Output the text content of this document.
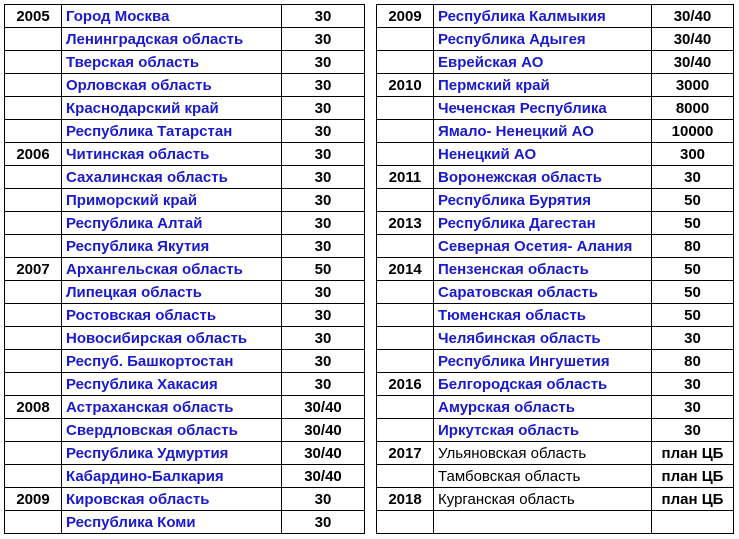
2005	Город Москва	30
	Ленинградская область	30
	Тверская область	30
	Орловская область	30
	Краснодарский край	30
	Республика Татарстан	30
2006	Читинская область	30
	Сахалинская область	30
	Приморский край	30
	Республика Алтай	30
	Республика Якутия	30
2007	Архангельская область	50
	Липецкая область	30
	Ростовская область	30
	Новосибирская область	30
	Респуб. Башкортостан	30
	Республика Хакасия	30
2008	Астраханская область	30/40
	Свердловская область	30/40
	Республика Удмуртия	30/40
	Кабардино-Балкария	30/40
2009	Кировская область	30
	Республика Коми	30
2009	Республика Калмыкия	30/40
	Республика Адыгея	30/40
	Еврейская АО	30/40
2010	Пермский край	3000
	Чеченская Республика	8000
	Ямало- Ненецкий АО	10000
	Ненецкий АО	300
2011	Воронежская область	30
	Республика Бурятия	50
2013	Республика Дагестан	50
	Северная Осетия- Алания	80
2014	Пензенская область	50
	Саратовская область	50
	Тюменская область	50
	Челябинская область	30
	Республика Ингушетия	80
2016	Белгородская область	30
	Амурская область	30
	Иркутская область	30
2017	Ульяновская область	план ЦБ
	Тамбовская область	план ЦБ
2018	Курганская область	план ЦБ
